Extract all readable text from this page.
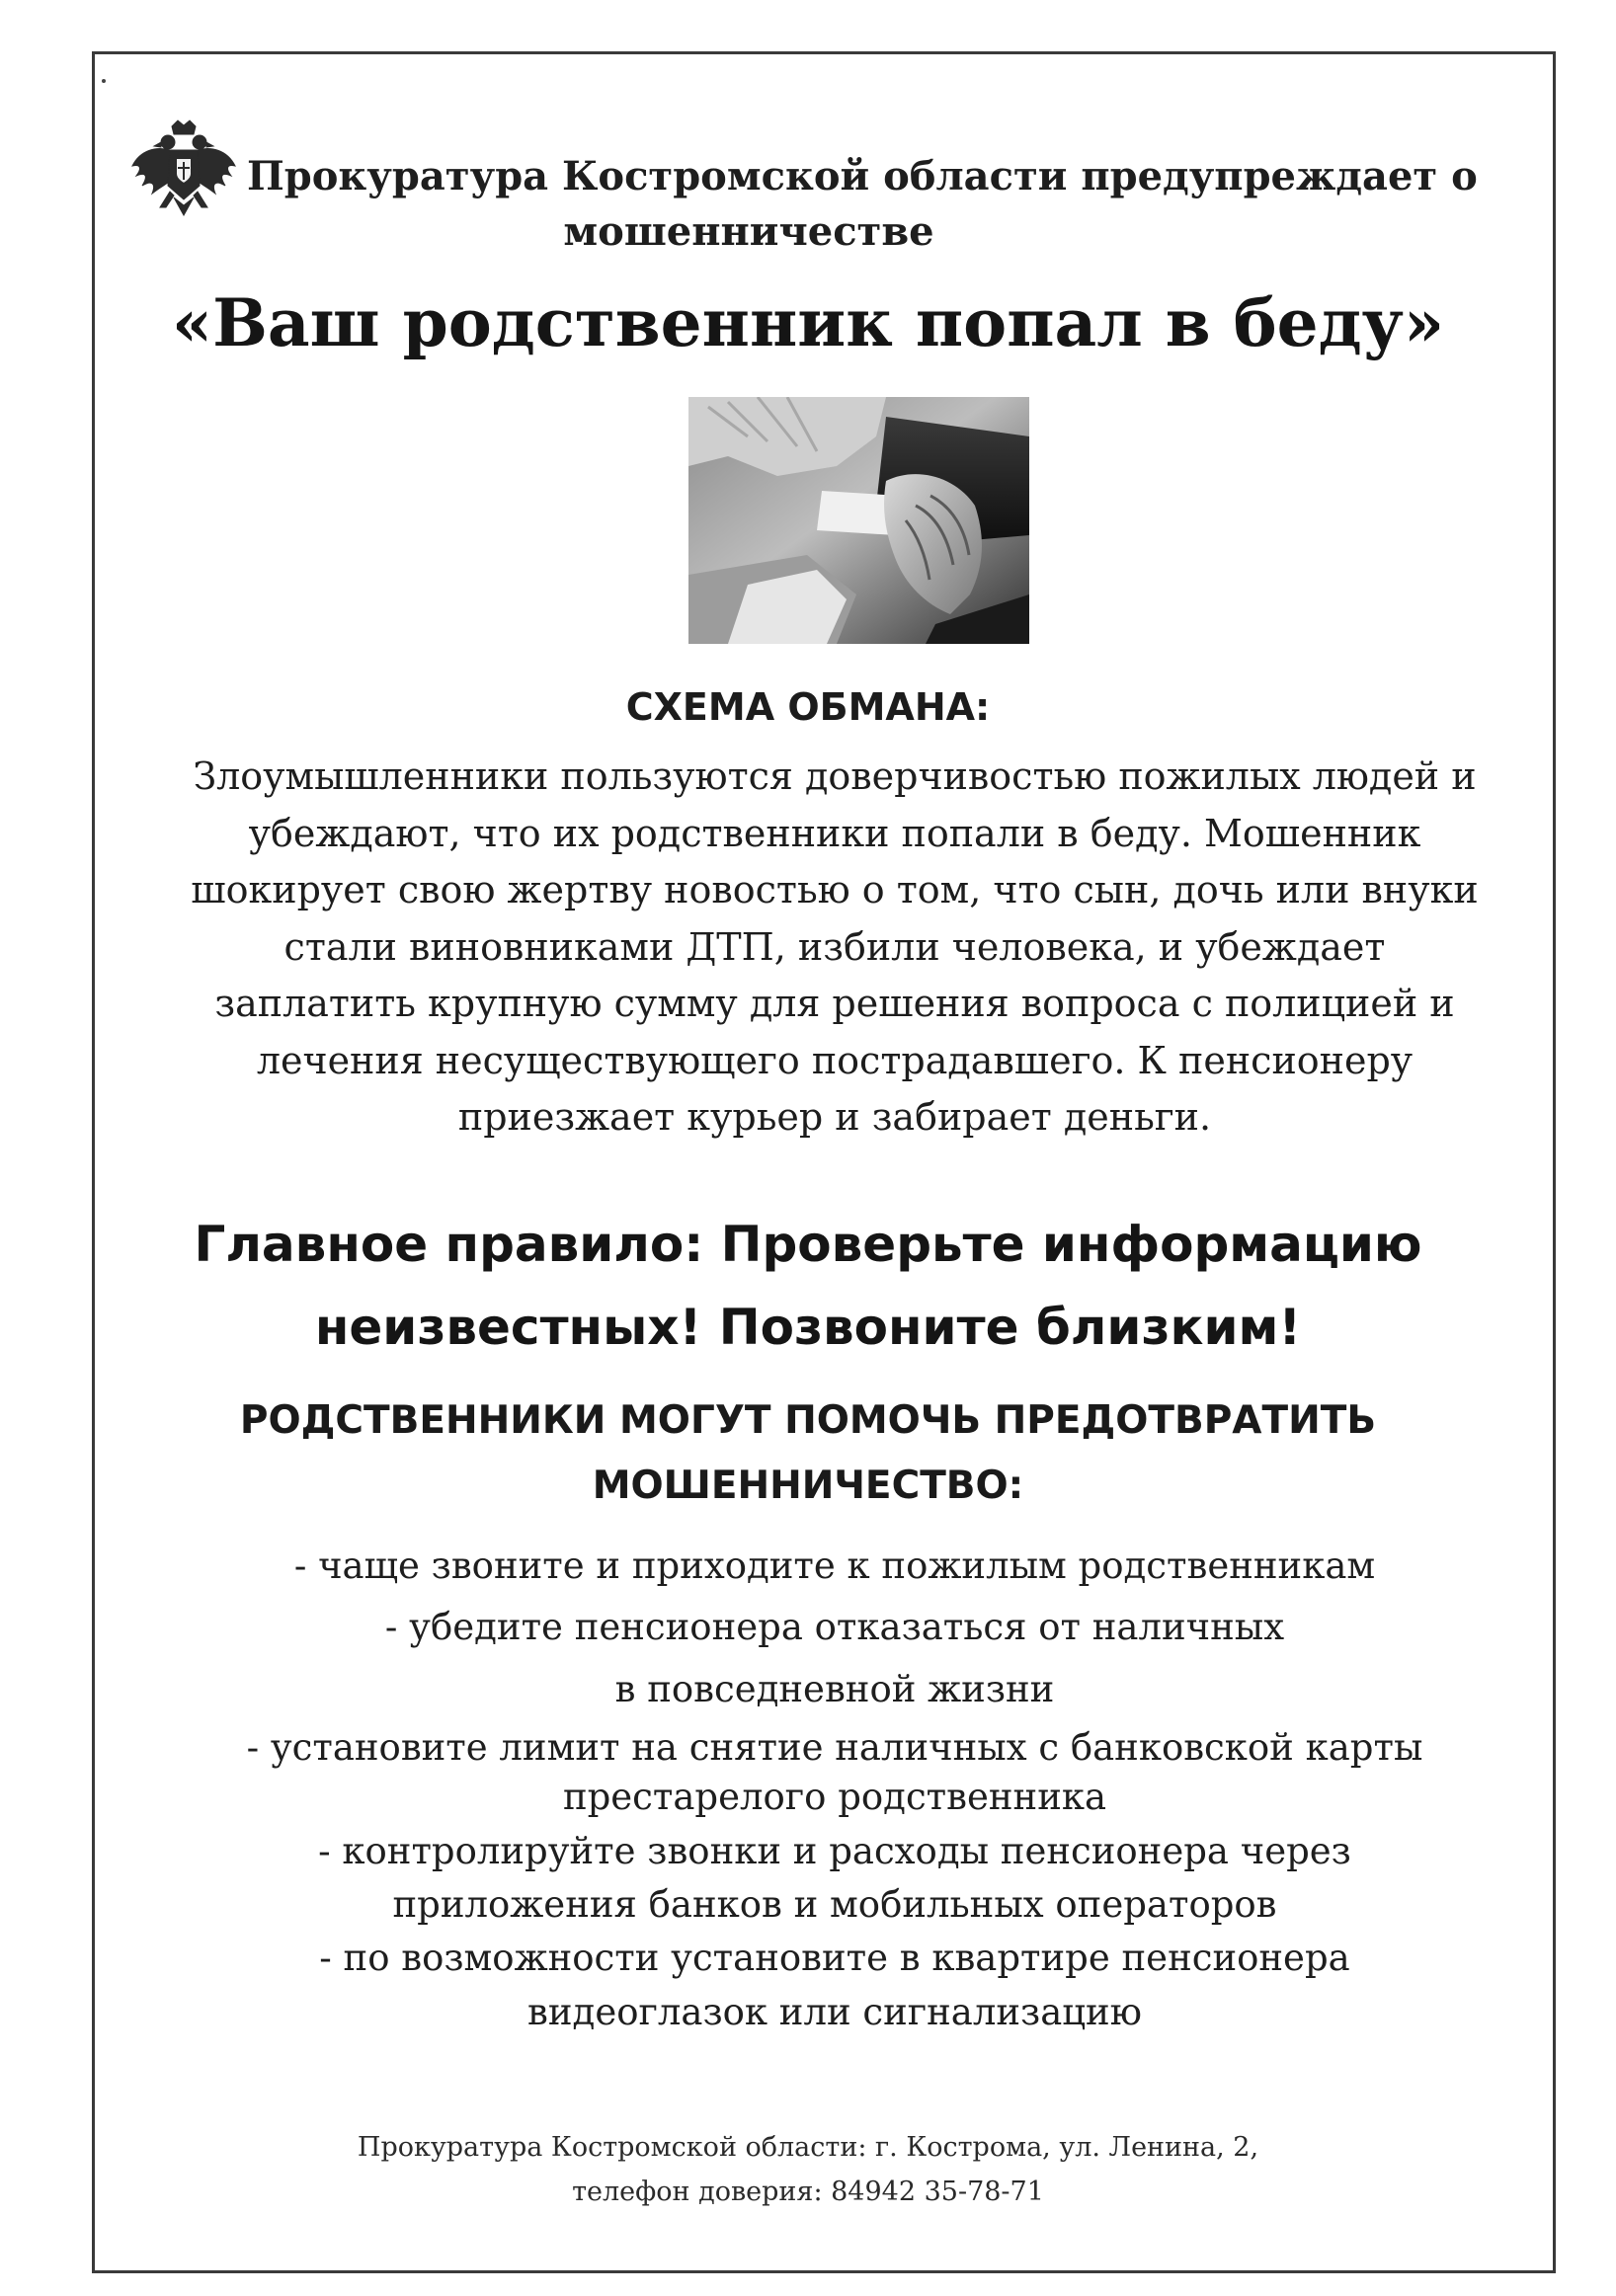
Прокуратура Костромской области предупреждает о
мошенничестве
«Ваш родственник попал в беду»
СХЕМА ОБМАНА:
Злоумышленники пользуются доверчивостью пожилых людей и
убеждают, что их родственники попали в беду. Мошенник
шокирует свою жертву новостью о том, что сын, дочь или внуки
стали виновниками ДТП, избили человека, и убеждает
заплатить крупную сумму для решения вопроса с полицией и
лечения несуществующего пострадавшего. К пенсионеру
приезжает курьер и забирает деньги.
Главное правило: Проверьте информацию
неизвестных! Позвоните близким!
РОДСТВЕННИКИ МОГУТ ПОМОЧЬ ПРЕДОТВРАТИТЬ
МОШЕННИЧЕСТВО:
- чаще звоните и приходите к пожилым родственникам
- убедите пенсионера отказаться от наличных
в повседневной жизни
- установите лимит на снятие наличных с банковской карты
престарелого родственника
- контролируйте звонки и расходы пенсионера через
приложения банков и мобильных операторов
- по возможности установите в квартире пенсионера
видеоглазок или сигнализацию
Прокуратура Костромской области: г. Кострома, ул. Ленина, 2,
телефон доверия: 84942 35-78-71
